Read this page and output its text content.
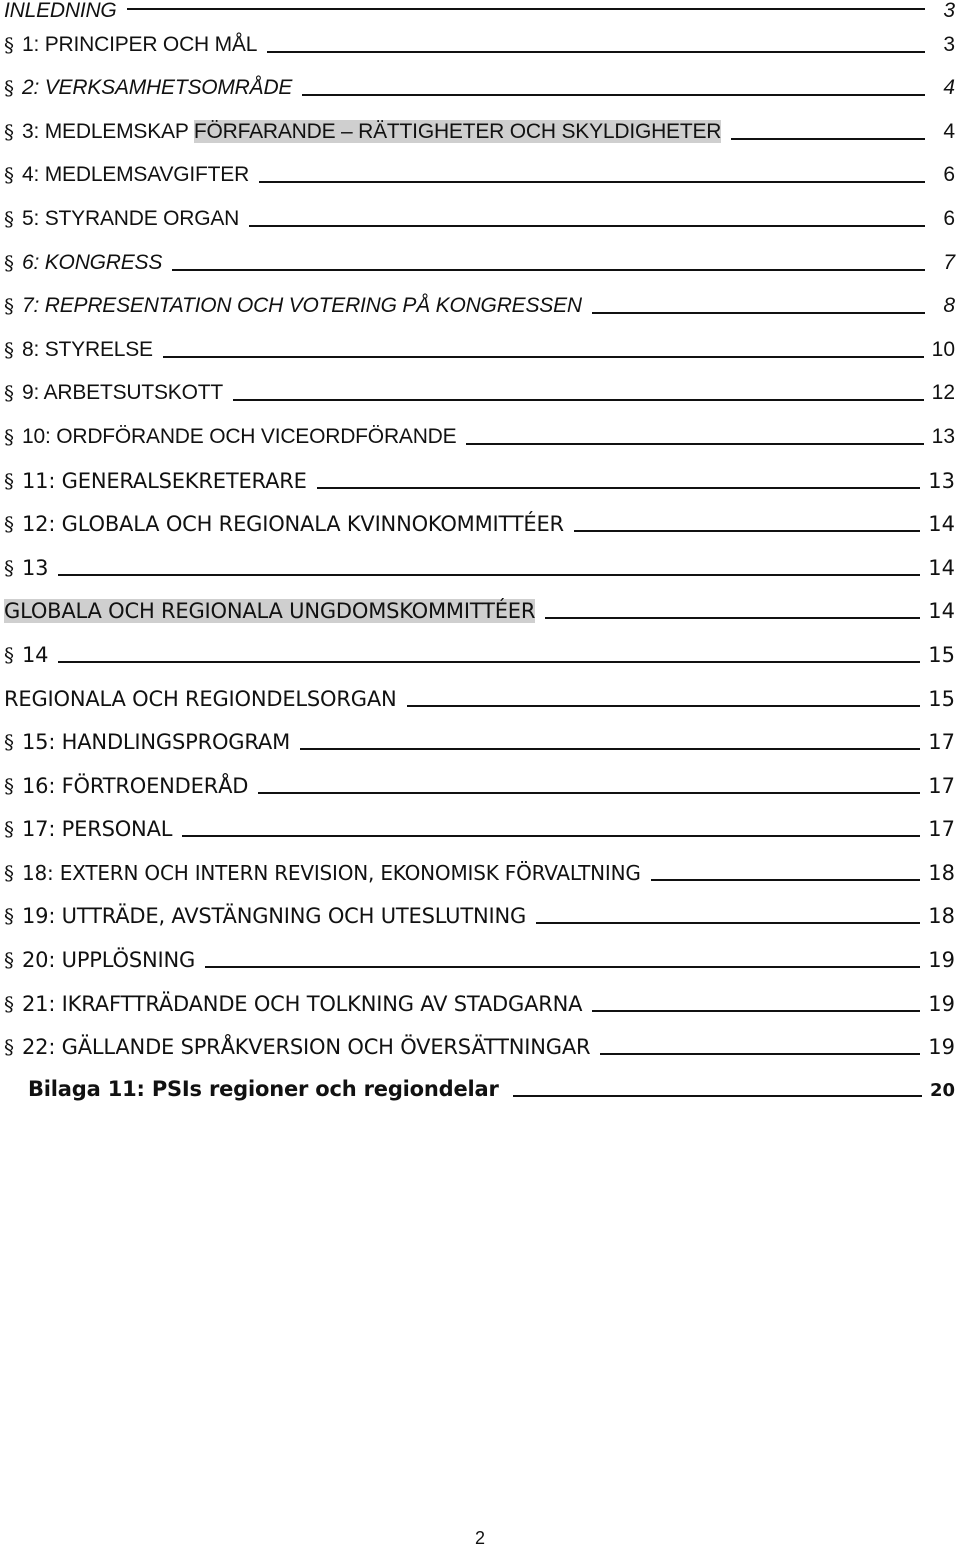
INLEDNING	3
§ 1: PRINCIPER OCH MÅL	3
§ 2: VERKSAMHETSOMRÅDE	4
§ 3: MEDLEMSKAP FÖRFARANDE – RÄTTIGHETER OCH SKYLDIGHETER	4
§ 4: MEDLEMSAVGIFTER	6
§ 5: STYRANDE ORGAN	6
§ 6: KONGRESS	7
§ 7: REPRESENTATION OCH VOTERING PÅ KONGRESSEN	8
§ 8: STYRELSE	10
§ 9: ARBETSUTSKOTT	12
§ 10: ORDFÖRANDE OCH VICEORDFÖRANDE	13
§ 11: GENERALSEKRETERARE	13
§ 12: GLOBALA OCH REGIONALA KVINNOKOMMITTÉER	14
§ 13	14
GLOBALA OCH REGIONALA UNGDOMSKOMMITTÉER	14
§ 14	15
REGIONALA OCH REGIONDELSORGAN	15
§ 15: HANDLINGSPROGRAM	17
§ 16: FÖRTROENDERÅD	17
§ 17: PERSONAL	17
§ 18: EXTERN OCH INTERN REVISION, EKONOMISK FÖRVALTNING	18
§ 19: UTTRÄDE, AVSTÄNGNING OCH UTESLUTNING	18
§ 20: UPPLÖSNING	19
§ 21: IKRAFTTRÄDANDE OCH TOLKNING AV STADGARNA	19
§ 22: GÄLLANDE SPRÅKVERSION OCH ÖVERSÄTTNINGAR	19
Bilaga 11: PSIs regioner och regiondelar	20
2
